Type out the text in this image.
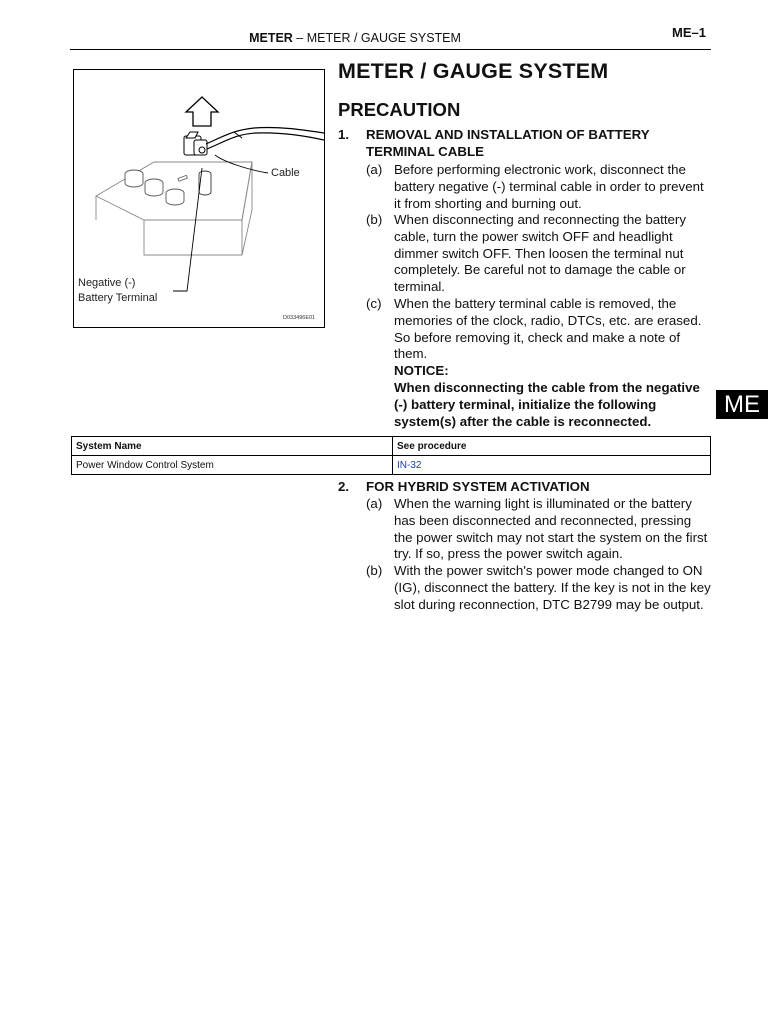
METER – METER / GAUGE SYSTEM	ME–1
Cable
Negative (-)
Battery Terminal
D033496E01
METER / GAUGE SYSTEM
PRECAUTION
1. REMOVAL AND INSTALLATION OF BATTERY TERMINAL CABLE
(a) Before performing electronic work, disconnect the battery negative (-) terminal cable in order to prevent it from shorting and burning out.
(b) When disconnecting and reconnecting the battery cable, turn the power switch OFF and headlight dimmer switch OFF. Then loosen the terminal nut completely. Be careful not to damage the cable or terminal.
(c) When the battery terminal cable is removed, the memories of the clock, radio, DTCs, etc. are erased. So before removing it, check and make a note of them.
NOTICE:
When disconnecting the cable from the negative (-) battery terminal, initialize the following system(s) after the cable is reconnected.
System Name	See procedure
Power Window Control System	IN-32
ME
2. FOR HYBRID SYSTEM ACTIVATION
(a) When the warning light is illuminated or the battery has been disconnected and reconnected, pressing the power switch may not start the system on the first try. If so, press the power switch again.
(b) With the power switch's power mode changed to ON (IG), disconnect the battery. If the key is not in the key slot during reconnection, DTC B2799 may be output.
